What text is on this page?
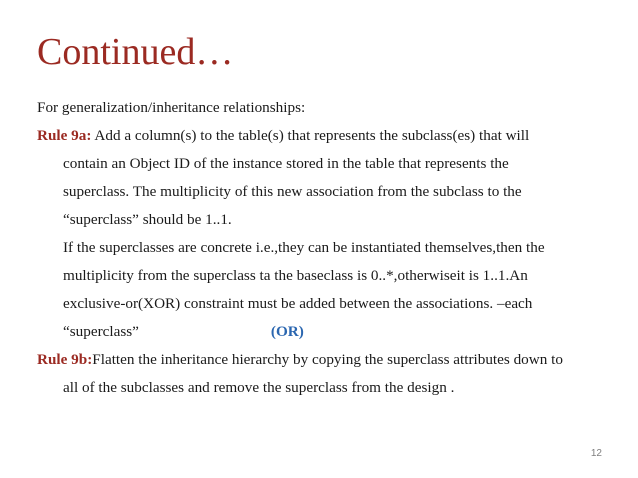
Continued…
For generalization/inheritance relationships:
Rule 9a: Add a column(s) to the table(s) that represents the subclass(es) that will
contain an Object ID of the instance stored in the table that represents the
superclass. The multiplicity of this new association from the subclass to the
“superclass” should be 1..1.
If the superclasses are concrete i.e.,they can be instantiated themselves,then the
multiplicity from the superclass ta the baseclass is 0..*,otherwiseit is 1..1.An
exclusive-or(XOR) constraint must be added between the associations. –each
“superclass”	(OR)
Rule 9b:Flatten the inheritance hierarchy by copying the superclass attributes down to
all of the subclasses and remove the superclass from the design .
12
